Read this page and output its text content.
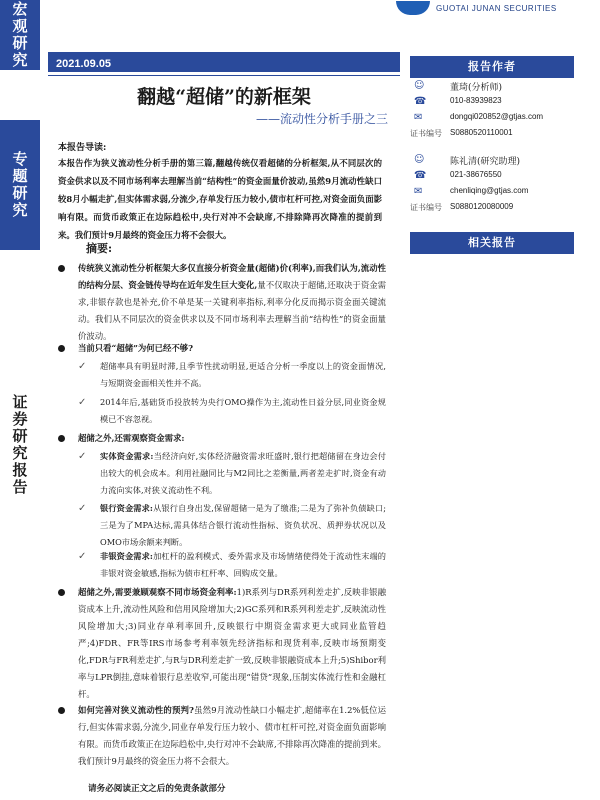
宏观研究
专题研究
证券研究报告
GUOTAI JUNAN SECURITIES
2021.09.05
翻越“超储”的新框架
——流动性分析手册之三
本报告导读:
本报告作为狭义流动性分析手册的第三篇,翻越传统仅看超储的分析框架,从不同层次的资金供求以及不同市场利率去理解当前“结构性”的资金面量价波动,虽然9月流动性缺口较8月小幅走扩,但实体需求弱,分流少,存单发行压力较小,债市杠杆可控,对资金面负面影响有限。而货币政策正在边际趋松中,央行对冲不会缺席,不排除降再次降准的提前到来。我们预计9月最终的资金压力将不会很大。
摘要:
传统狭义流动性分析框架大多仅直接分析资金量(超储)价(利率),而我们认为,流动性的结构分层、资金链传导均在近年发生巨大变化,量不仅取决于超储,还取决于资金需求,非银存款也是补充,价不单是某一关键利率指标,利率分化反而揭示资金面关键流动。我们从不同层次的资金供求以及不同市场利率去理解当前“结构性”的资金面量价波动。
当前只看“超储”为何已经不够?
✓	超储率具有明显时滞,且季节性扰动明显,更适合分析一季度以上的资金面情况,与短期资金面相关性并不高。
✓	2014年后,基础货币投放转为央行OMO操作为主,流动性日益分层,同业资金规模已不容忽视。
超储之外,还需观察资金需求:
✓	实体资金需求:当经济向好,实体经济融资需求旺盛时,银行把超储留在身边会付出较大的机会成本。利用社融同比与M2同比之差衡量,两者差走扩时,资金有动力流向实体,对狭义流动性不利。
✓	银行资金需求:从银行自身出发,保留超储一是为了缴准;二是为了弥补负债缺口;三是为了MPA达标,需具体结合银行流动性指标、资负状况、质押券状况以及OMO市场余额来判断。
✓	非银资金需求:加杠杆的盈利模式、委外需求及市场情绪使得处于流动性末端的非银对资金敏感,指标为债市杠杆率、回购成交量。
超储之外,需要兼顾观察不同市场资金利率:1)R系列与DR系列利差走扩,反映非银融资成本上升,流动性风险和信用风险增加大;2)GC系列和R系列利差走扩,反映流动性风险增加大;3)同业存单利率回升,反映银行中期资金需求更大或同业监管趋严;4)FDR、FR等IRS市场参考利率领先经济指标和现货利率,反映市场预期变化,FDR与FR利差走扩,与R与DR利差走扩一致,反映非银融资成本上升;5)Shibor利率与LPR倒挂,意味着银行息差收窄,可能出现“错贷”现象,压制实体流行性和金融杠杆。
如何完善对狭义流动性的预判?虽然9月流动性缺口小幅走扩,超储率在1.2%低位运行,但实体需求弱,分流少,同业存单发行压力较小、债市杠杆可控,对资金面负面影响有限。而货币政策正在边际趋松中,央行对冲不会缺席,不排除再次降准的提前到来。我们预计9月最终的资金压力将不会很大。
请务必阅读正文之后的免责条款部分
报告作者
☺	董琦(分析师)
☎	010-83939823
✉	dongqi020852@gtjas.com
证书编号 S0880520110001
☺	陈礼清(研究助理)
☎	021-38676550
✉	chenliqing@gtjas.com
证书编号 S0880120080009
相关报告
